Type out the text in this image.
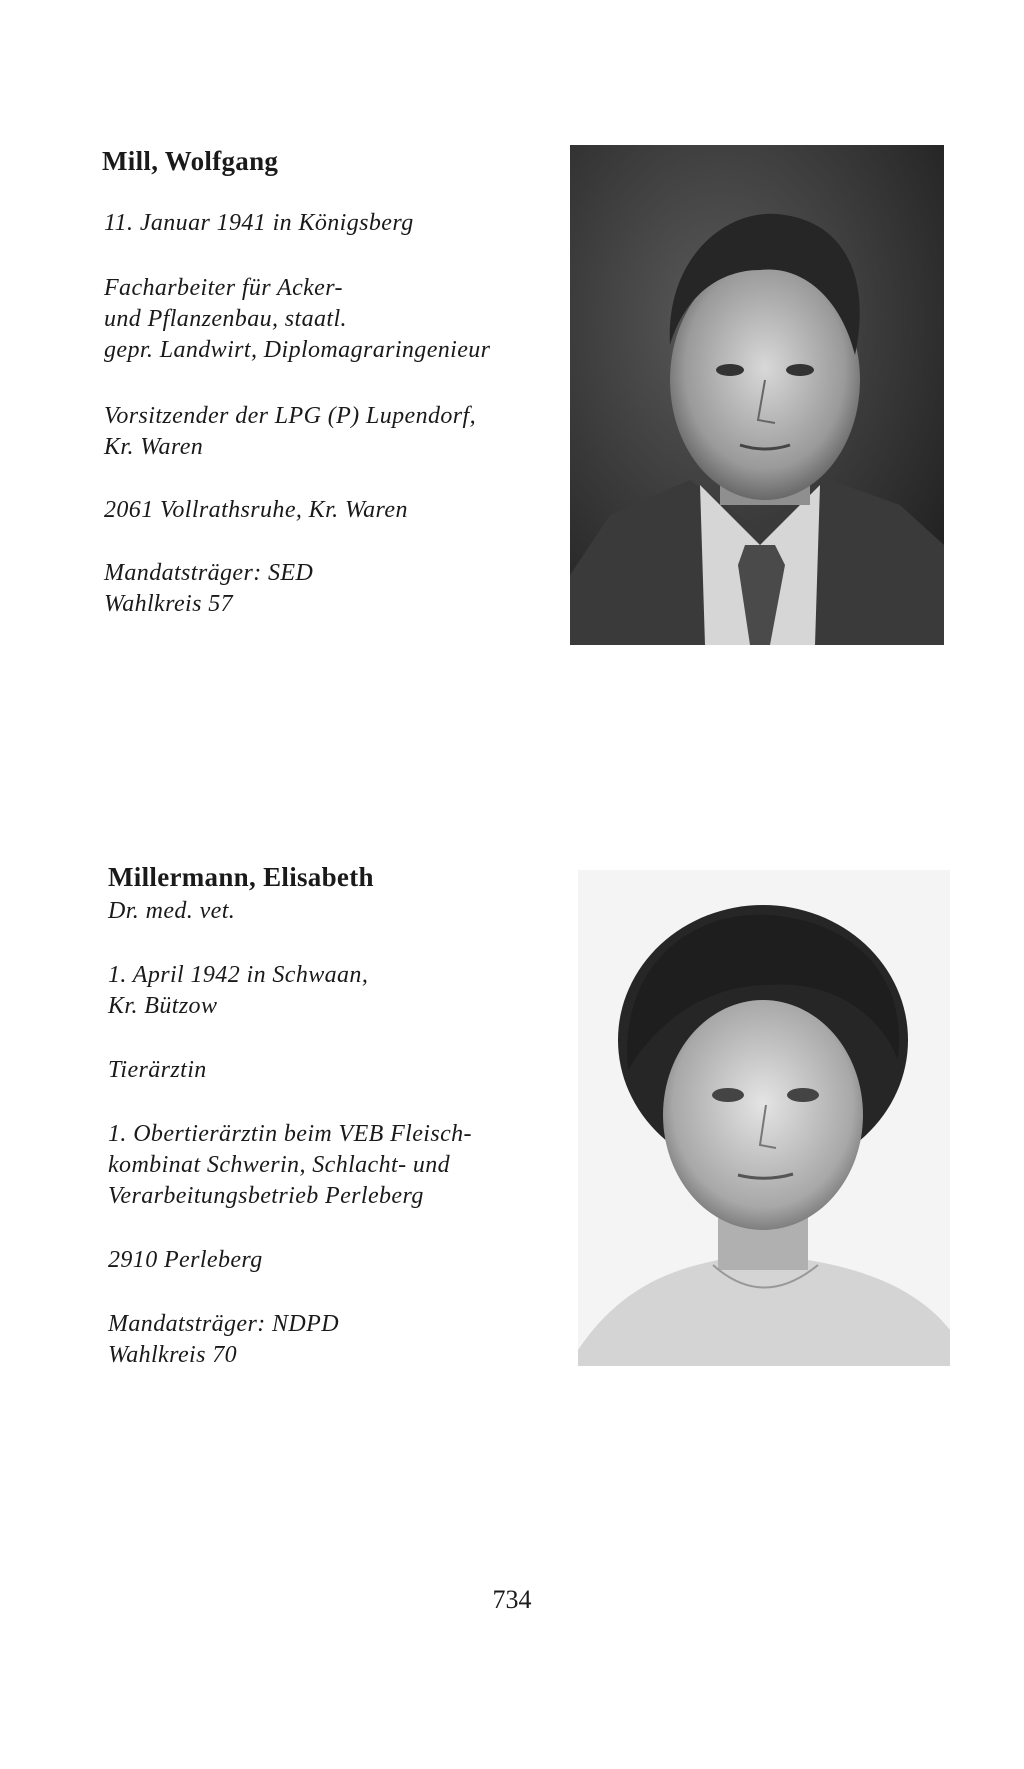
Mill, Wolfgang
11. Januar 1941 in Königsberg
Facharbeiter für Acker-
und Pflanzenbau, staatl.
gepr. Landwirt, Diplomagraringenieur
Vorsitzender der LPG (P) Lupendorf,
Kr. Waren
2061 Vollrathsruhe, Kr. Waren
Mandatsträger: SED
Wahlkreis 57
Millermann, Elisabeth
Dr. med. vet.
1. April 1942 in Schwaan,
Kr. Bützow
Tierärztin
1. Obertierärztin beim VEB Fleisch-
kombinat Schwerin, Schlacht- und
Verarbeitungsbetrieb Perleberg
2910 Perleberg
Mandatsträger: NDPD
Wahlkreis 70
734
